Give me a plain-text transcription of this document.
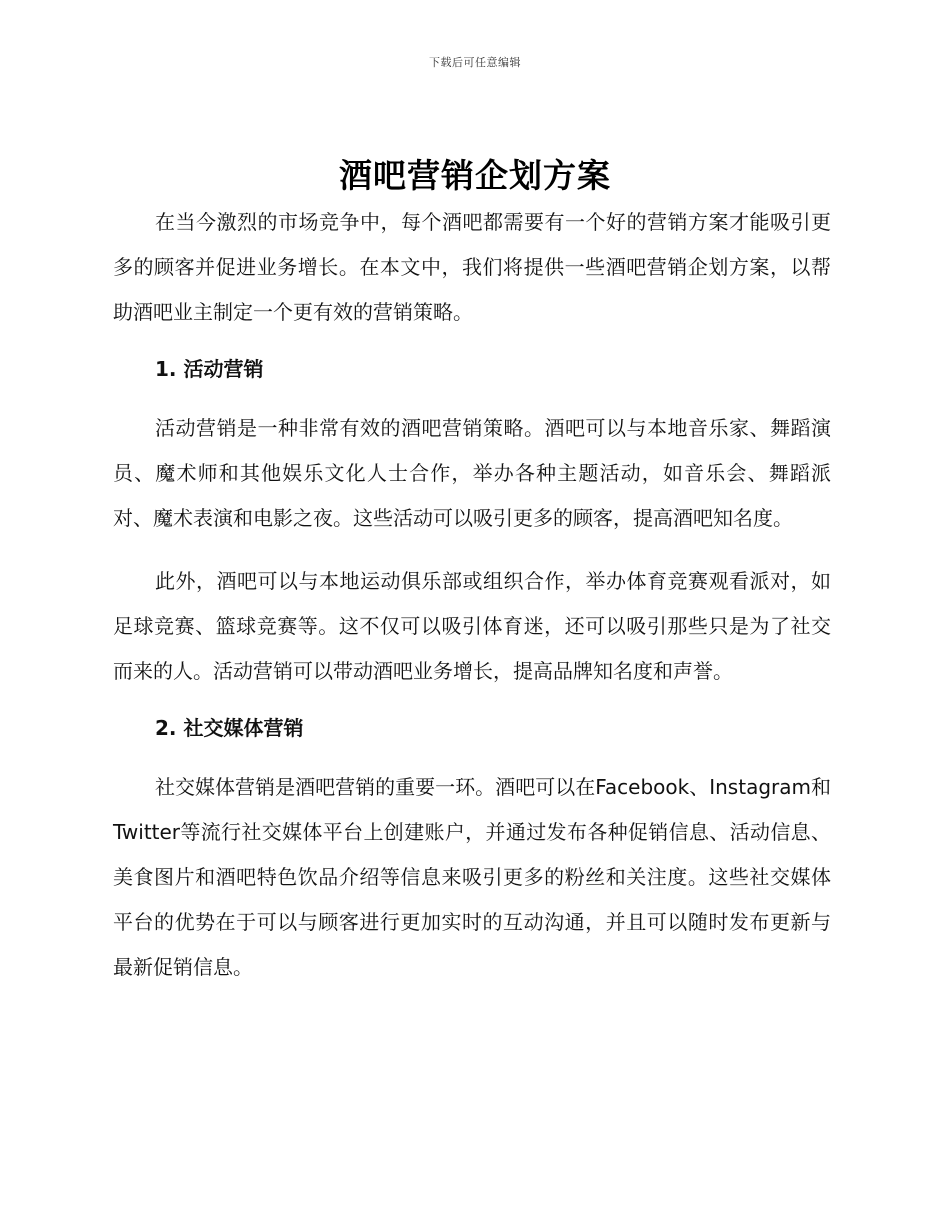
下载后可任意编辑
酒吧营销企划方案

在当今激烈的市场竞争中，每个酒吧都需要有一个好的营销方案才能吸引更多的顾客并促进业务增长。在本文中，我们将提供一些酒吧营销企划方案，以帮助酒吧业主制定一个更有效的营销策略。

1. 活动营销

活动营销是一种非常有效的酒吧营销策略。酒吧可以与本地音乐家、舞蹈演员、魔术师和其他娱乐文化人士合作，举办各种主题活动，如音乐会、舞蹈派对、魔术表演和电影之夜。这些活动可以吸引更多的顾客，提高酒吧知名度。

此外，酒吧可以与本地运动俱乐部或组织合作，举办体育竞赛观看派对，如足球竞赛、篮球竞赛等。这不仅可以吸引体育迷，还可以吸引那些只是为了社交而来的人。活动营销可以带动酒吧业务增长，提高品牌知名度和声誉。

2. 社交媒体营销

社交媒体营销是酒吧营销的重要一环。酒吧可以在Facebook、Instagram和Twitter等流行社交媒体平台上创建账户，并通过发布各种促销信息、活动信息、美食图片和酒吧特色饮品介绍等信息来吸引更多的粉丝和关注度。这些社交媒体平台的优势在于可以与顾客进行更加实时的互动沟通，并且可以随时发布更新与最新促销信息。
